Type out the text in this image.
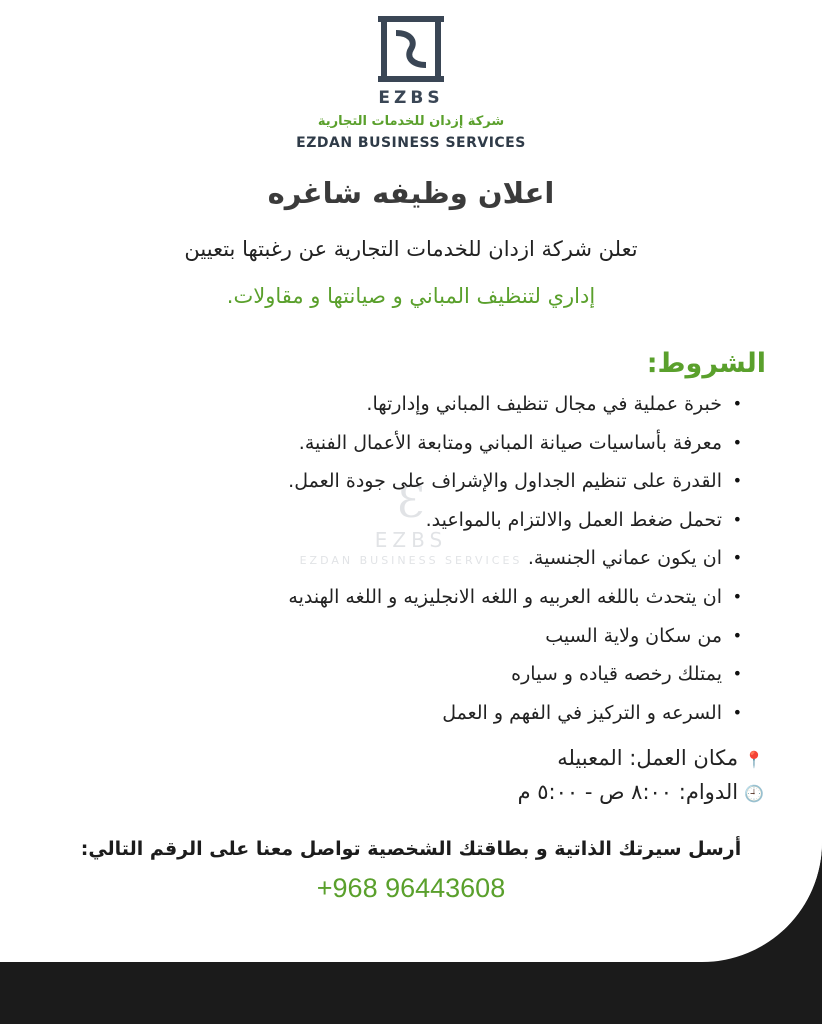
EZBS
شركة إزدان للخدمات التجارية
EZDAN BUSINESS SERVICES
اعلان وظيفه شاغره
تعلن شركة ازدان للخدمات التجارية عن رغبتها بتعيين
إداري لتنظيف المباني و صيانتها و مقاولات.
Ɛ
EZBS
EZDAN BUSINESS SERVICES
الشروط:
•
خبرة عملية في مجال تنظيف المباني وإدارتها.
•
معرفة بأساسيات صيانة المباني ومتابعة الأعمال الفنية.
•
القدرة على تنظيم الجداول والإشراف على جودة العمل.
•
تحمل ضغط العمل والالتزام بالمواعيد.
•
ان يكون عماني الجنسية.
•
ان يتحدث باللغه العربيه و اللغه الانجليزيه و اللغه الهنديه
•
من سكان ولاية السيب
•
يمتلك رخصه قياده و سياره
•
السرعه و التركيز في الفهم و العمل
📍مكان العمل: المعبيله
🕘الدوام: ٨:٠٠ ص - ٥:٠٠ م
أرسل سيرتك الذاتية و بطاقتك الشخصية تواصل معنا على الرقم التالي:
+968 96443608
